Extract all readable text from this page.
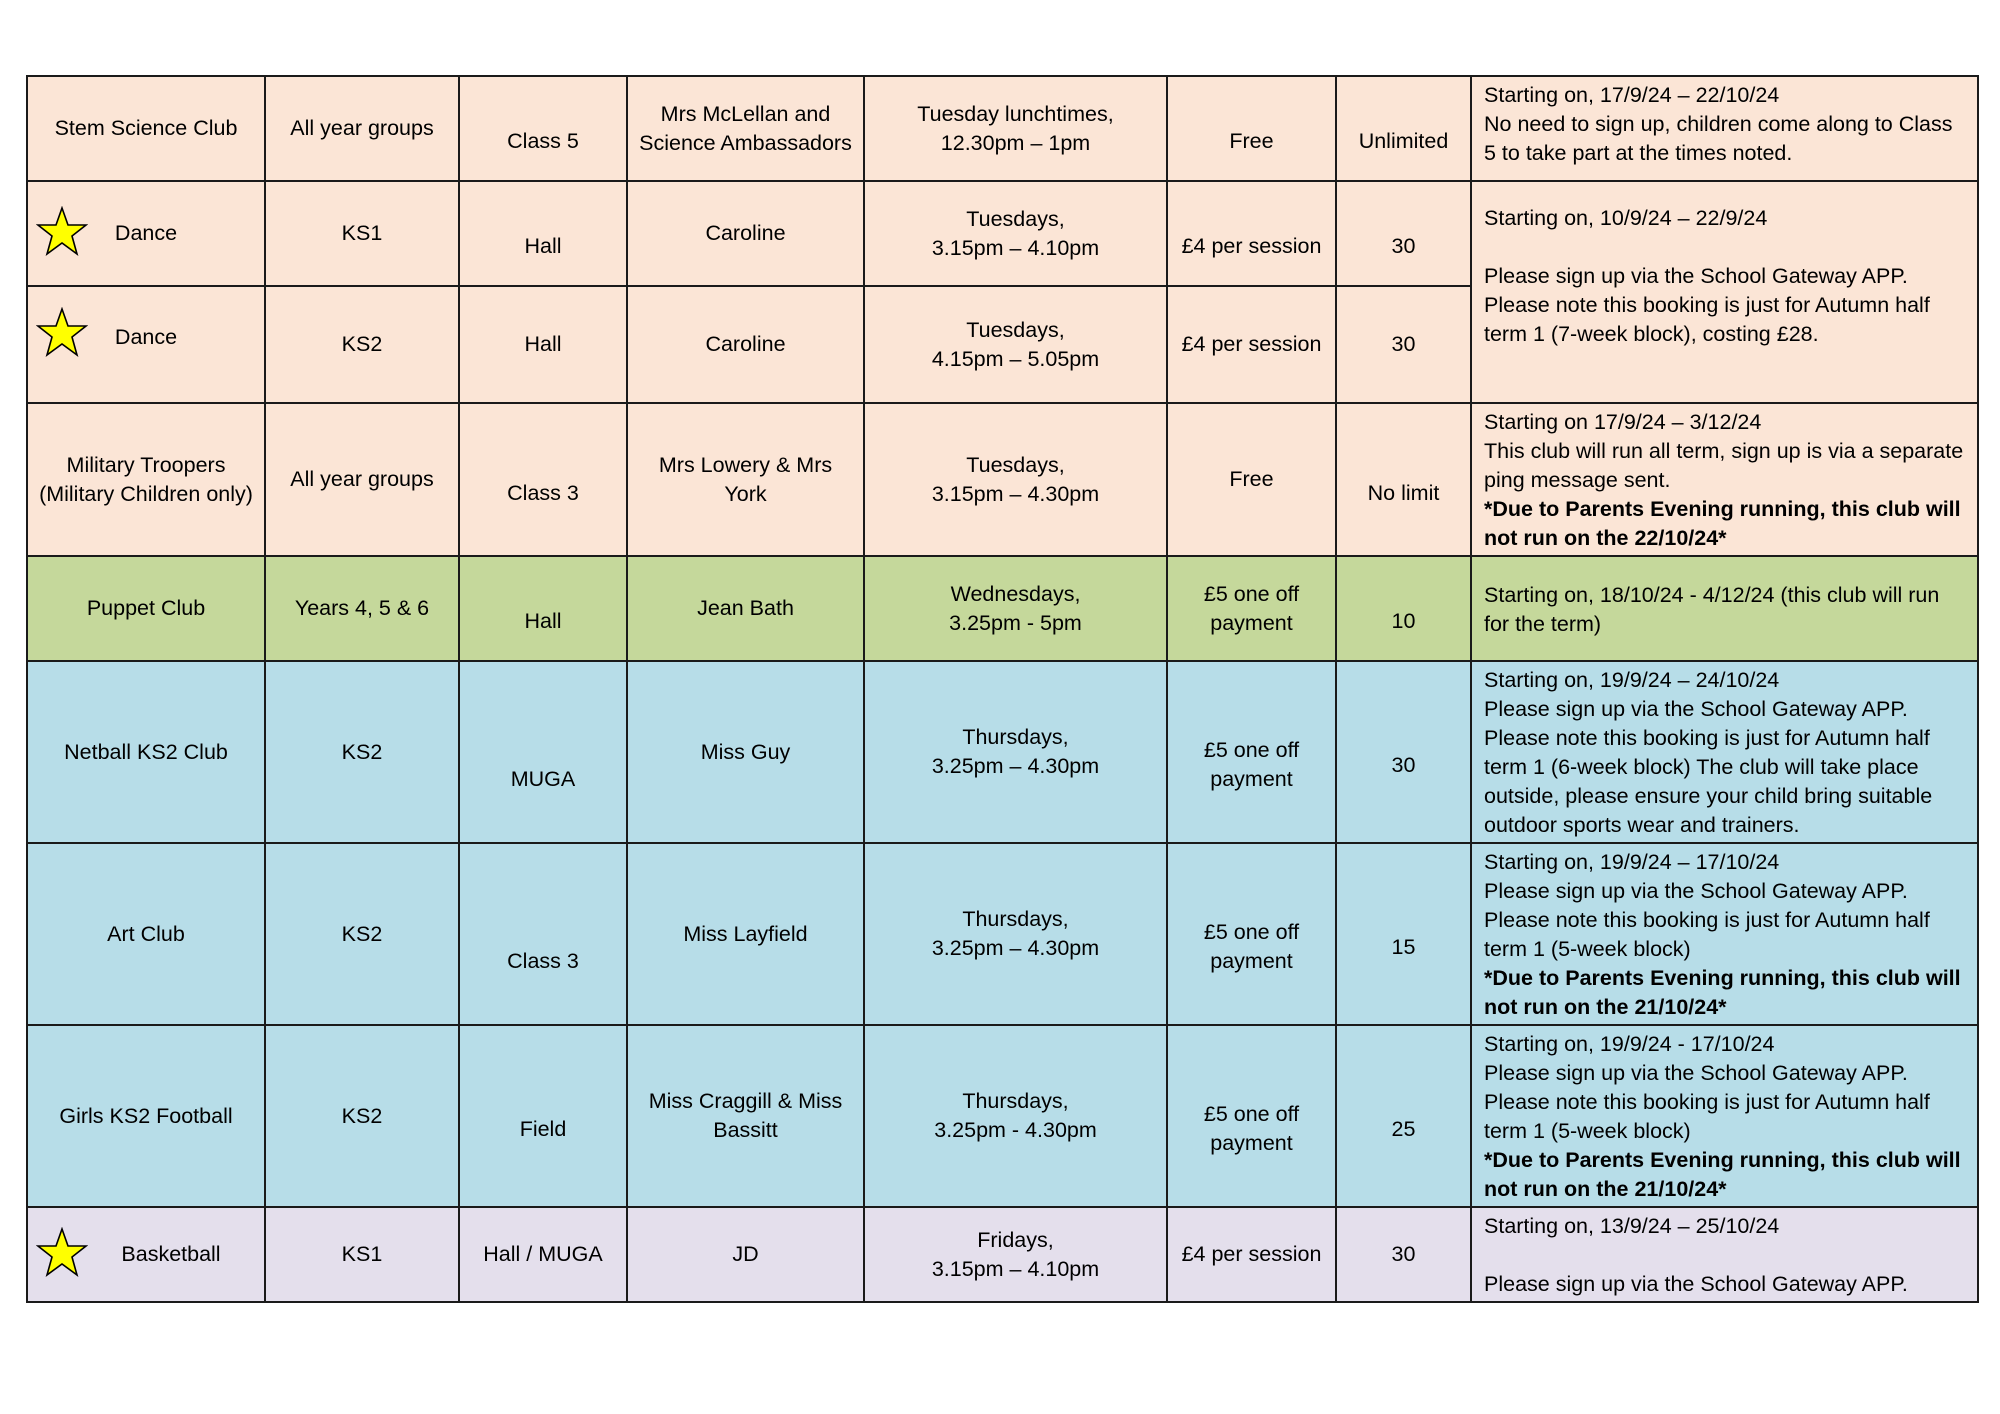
Stem Science Club	All year groups	Class 5	Mrs McLellan and Science Ambassadors	Tuesday lunchtimes,
12.30pm – 1pm	Free	Unlimited	Starting on, 17/9/24 – 22/10/24
No need to sign up, children come along to Class 5 to take part at the times noted.

Dance	KS1	Hall	Caroline	Tuesdays,
3.15pm – 4.10pm	£4 per session	30	Starting on, 10/9/24 – 22/9/24
Please sign up via the School Gateway APP. Please note this booking is just for Autumn half term 1 (7-week block), costing £28.

Dance	KS2	Hall	Caroline	Tuesdays,
4.15pm – 5.05pm	£4 per session	30	
Military Troopers (Military Children only)	All year groups	Class 3	Mrs Lowery & Mrs York	Tuesdays,
3.15pm – 4.30pm	Free	No limit	Starting on 17/9/24 – 3/12/24
This club will run all term, sign up is via a separate ping message sent.
*Due to Parents Evening running, this club will not run on the 22/10/24*

Puppet Club	Years 4, 5 & 6	Hall	Jean Bath	Wednesdays,
3.25pm - 5pm	£5 one off payment	10	Starting on, 18/10/24 - 4/12/24 (this club will run for the term)

Netball KS2 Club	KS2	MUGA	Miss Guy	Thursdays,
3.25pm – 4.30pm	£5 one off payment	30	Starting on, 19/9/24 – 24/10/24
Please sign up via the School Gateway APP.
Please note this booking is just for Autumn half term 1 (6-week block) The club will take place outside, please ensure your child bring suitable outdoor sports wear and trainers.

Art Club	KS2	Class 3	Miss Layfield	Thursdays,
3.25pm – 4.30pm	£5 one off payment	15	Starting on, 19/9/24 – 17/10/24
Please sign up via the School Gateway APP.
Please note this booking is just for Autumn half term 1 (5-week block)
*Due to Parents Evening running, this club will not run on the 21/10/24*

Girls KS2 Football	KS2	Field	Miss Craggill & Miss Bassitt	Thursdays,
3.25pm - 4.30pm	£5 one off payment	25	Starting on, 19/9/24 - 17/10/24
Please sign up via the School Gateway APP.
Please note this booking is just for Autumn half term 1 (5-week block)
*Due to Parents Evening running, this club will not run on the 21/10/24*

Basketball	KS1	Hall / MUGA	JD	Fridays,
3.15pm – 4.10pm	£4 per session	30	Starting on, 13/9/24 – 25/10/24
Please sign up via the School Gateway APP.
